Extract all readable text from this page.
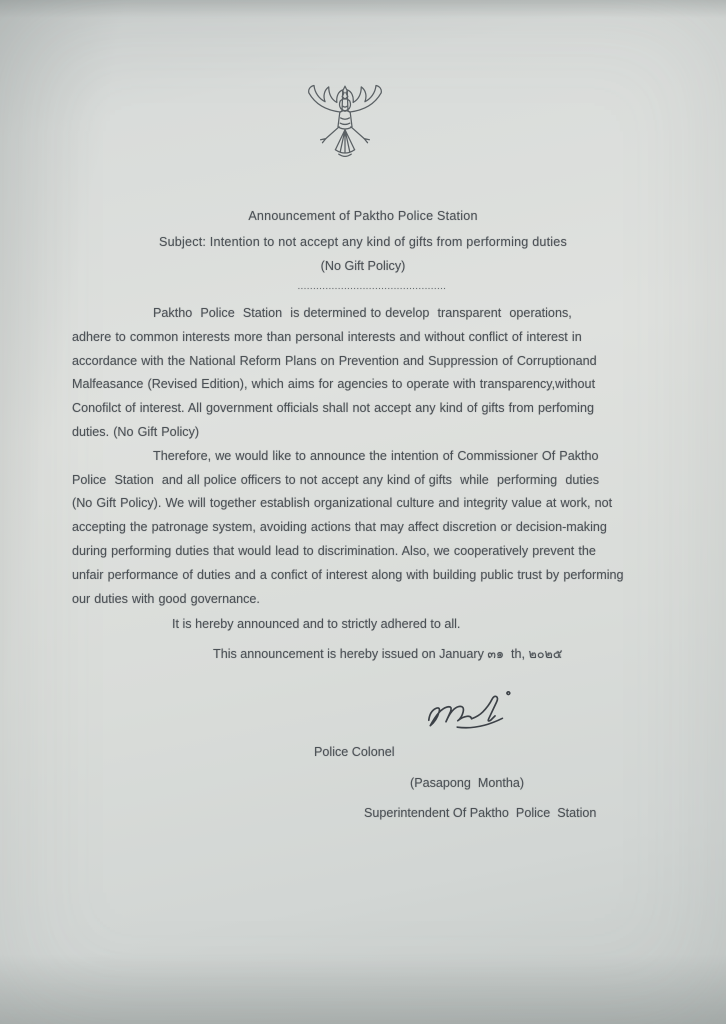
Announcement of Paktho Police Station
Subject: Intention to not accept any kind of gifts from performing duties
(No Gift Policy)
................................................
Paktho  Police  Station  is determined to develop  transparent  operations,
adhere to common interests more than personal interests and without conflict of interest in
accordance with the National Reform Plans on Prevention and Suppression of Corruptionand
Malfeasance (Revised Edition), which aims for agencies to operate with transparency,without
Conofilct of interest. All government officials shall not accept any kind of gifts from perfoming
duties. (No Gift Policy)
Therefore, we would like to announce the intention of Commissioner Of Paktho
Police  Station  and all police officers to not accept any kind of gifts  while  performing  duties
(No Gift Policy). We will together establish organizational culture and integrity value at work, not
accepting the patronage system, avoiding actions that may affect discretion or decision-making
during performing duties that would lead to discrimination. Also, we cooperatively prevent the
unfair performance of duties and a confict of interest along with building public trust by performing
our duties with good governance.
It is hereby announced and to strictly adhered to all.
This announcement is hereby issued on January ๓๑  th, ๒๐๒๕
Police Colonel
(Pasapong  Montha)
Superintendent Of Paktho  Police  Station
